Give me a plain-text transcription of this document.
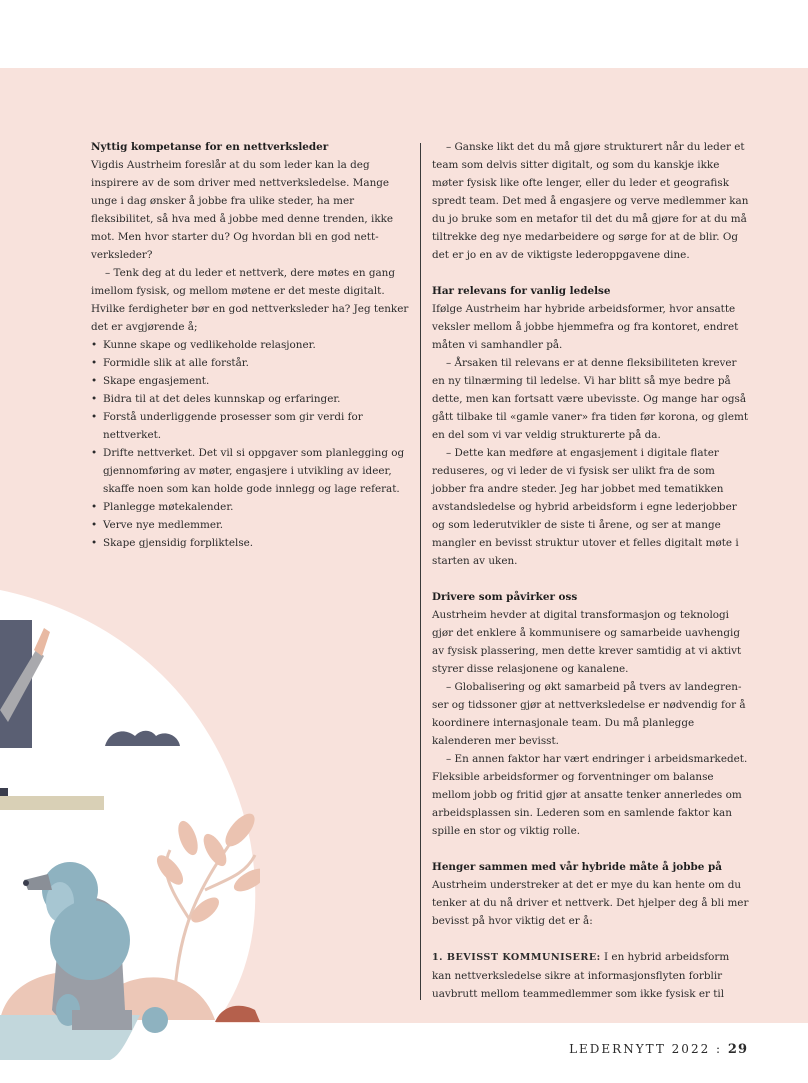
Nyttig kompetanse for en nettverksleder

Vigdis Austrheim foreslår at du som leder kan la deg inspirere av de som driver med nettverksledelse. Mange unge i dag ønsker å jobbe fra ulike steder, ha mer fleksibilitet, så hva med å jobbe med denne trenden, ikke mot. Men hvor starter du? Og hvordan bli en god nettverksleder?

– Tenk deg at du leder et nettverk, dere møtes en gang imellom fysisk, og mellom møtene er det meste digitalt. Hvilke ferdigheter bør en god nettverksleder ha? Jeg tenker det er avgjørende å;

• Kunne skape og vedlikeholde relasjoner.
• Formidle slik at alle forstår.
• Skape engasjement.
• Bidra til at det deles kunnskap og erfaringer.
• Forstå underliggende prosesser som gir verdi for nettverket.
• Drifte nettverket. Det vil si oppgaver som planlegging og gjennomføring av møter, engasjere i utvikling av ideer, skaffe noen som kan holde gode innlegg og lage referat.
• Planlegge møtekalender.
• Verve nye medlemmer.
• Skape gjensidig forpliktelse.

– Ganske likt det du må gjøre strukturert når du leder et team som delvis sitter digitalt, og som du kanskje ikke møter fysisk like ofte lenger, eller du leder et geografisk spredt team. Det med å engasjere og verve medlemmer kan du jo bruke som en metafor til det du må gjøre for at du må tiltrekke deg nye medarbeidere og sørge for at de blir. Og det er jo en av de viktigste lederoppgavene dine.

Har relevans for vanlig ledelse

Ifølge Austrheim har hybride arbeidsformer, hvor ansatte veksler mellom å jobbe hjemmefra og fra kontoret, endret måten vi samhandler på.

– Årsaken til relevans er at denne fleksibiliteten krever en ny tilnærming til ledelse. Vi har blitt så mye bedre på dette, men kan fortsatt være ubevisste. Og mange har også gått tilbake til «gamle vaner» fra tiden før korona, og glemt en del som vi var veldig strukturerte på da.

– Dette kan medføre at engasjement i digitale flater reduseres, og vi leder de vi fysisk ser ulikt fra de som jobber fra andre steder. Jeg har jobbet med tematikken avstandsledelse og hybrid arbeidsform i egne lederjobber og som lederutvikler de siste ti årene, og ser at mange mangler en bevisst struktur utover et felles digitalt møte i starten av uken.

Drivere som påvirker oss

Austrheim hevder at digital transformasjon og teknologi gjør det enklere å kommunisere og samarbeide uavhengig av fysisk plassering, men dette krever samtidig at vi aktivt styrer disse relasjonene og kanalene.

– Globalisering og økt samarbeid på tvers av landegrenser og tidssoner gjør at nettverksledelse er nødvendig for å koordinere internasjonale team. Du må planlegge kalenderen mer bevisst.

– En annen faktor har vært endringer i arbeidsmarkedet. Fleksible arbeidsformer og forventninger om balanse mellom jobb og fritid gjør at ansatte tenker annerledes om arbeidsplassen sin. Lederen som en samlende faktor kan spille en stor og viktig rolle.

Henger sammen med vår hybride måte å jobbe på

Austrheim understreker at det er mye du kan hente om du tenker at du nå driver et nettverk. Det hjelper deg å bli mer bevisst på hvor viktig det er å:

1. BEVISST KOMMUNISERE: I en hybrid arbeidsform kan nettverksledelse sikre at informasjonsflyten forblir uavbrutt mellom teammedlemmer som ikke fysisk er til

LEDERNYTT 2022 : 29
